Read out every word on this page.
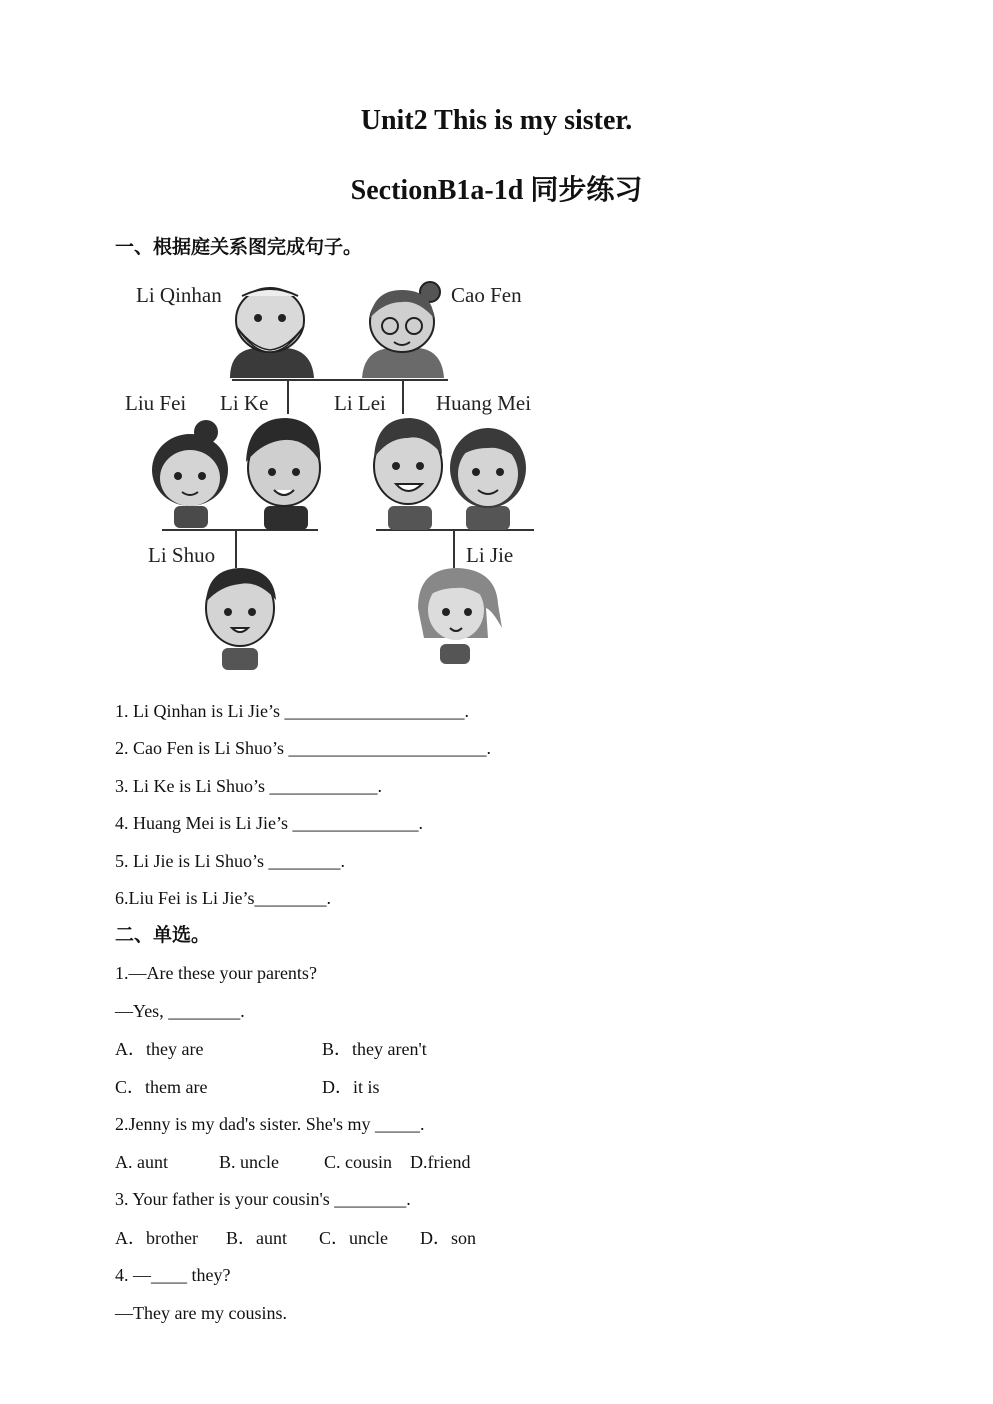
Unit2 This is my sister.
SectionB1a-1d 同步练习
一、根据庭关系图完成句子。
Li Qinhan	Cao Fen
Liu Fei Li Ke	Li Lei Huang Mei
Li Shuo	Li Jie
1. Li Qinhan is Li Jie’s ____________________.
2. Cao Fen is Li Shuo’s ______________________.
3. Li Ke is Li Shuo’s ____________.
4. Huang Mei is Li Jie’s ______________.
5. Li Jie is Li Shuo’s ________.
6.Liu Fei is Li Jie’s________.
二、单选。
1.—Are these your parents?
—Yes, ________.
A．they are	B．they aren't
C．them are	D．it is
2.Jenny is my dad's sister. She's my _____.
A. aunt	B. uncle	C. cousin D.friend
3. Your father is your cousin's ________.
A．brother B．aunt C．uncle D．son
4. —____ they?
—They are my cousins.
